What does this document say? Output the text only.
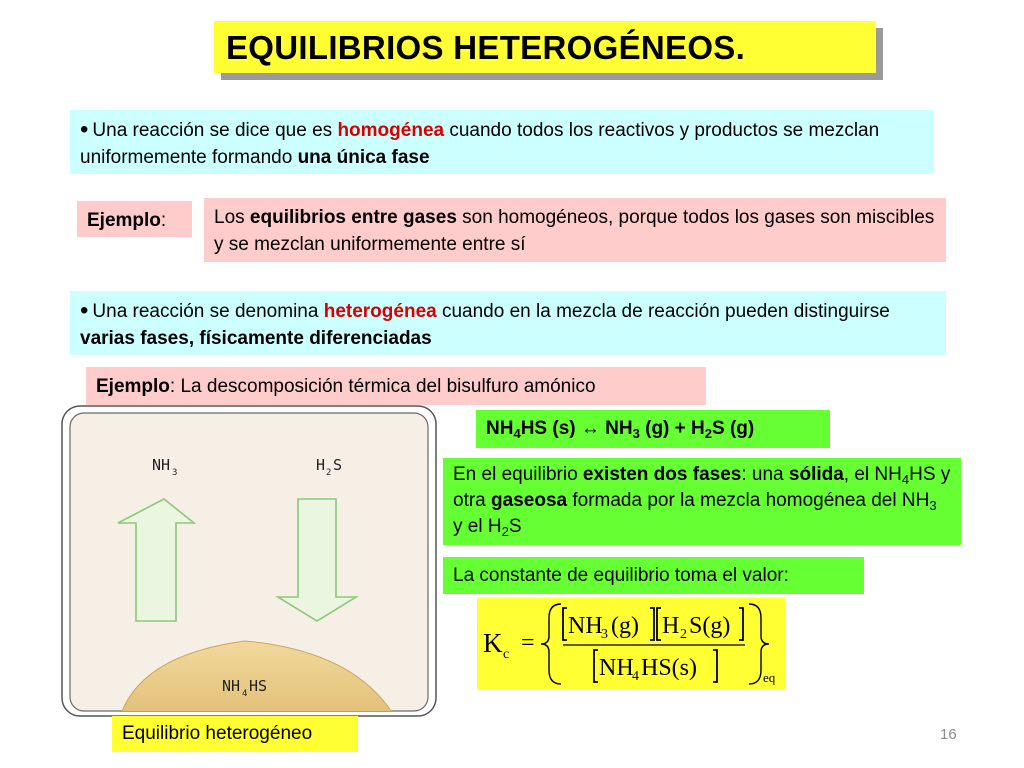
EQUILIBRIOS HETEROGÉNEOS.
• Una reacción se dice que es homogénea cuando todos los reactivos y productos se mezclan uniformemente formando una única fase
Ejemplo:	Los equilibrios entre gases son homogéneos, porque todos los gases son miscibles y se mezclan uniformemente entre sí
• Una reacción se denomina heterogénea cuando en la mezcla de reacción pueden distinguirse varias fases, físicamente diferenciadas
Ejemplo: La descomposición térmica del bisulfuro amónico
$NH_4HS$ (s) ↔ $NH_3$ $(g) + H_2S$ (g)
En el equilibrio existen dos fases: una sólida, el $NH_4HS$ y otra gaseosa formada por la mezcla homogénea del $NH_3$ y el $H_2S$
La constante de equilibrio toma el valor:
K c =
NH
3 (g) H 2 S(g)
NH
4 HS(s)	eq
NH 3	H 2 S
NH 4 HS
Equilibrio heterogéneo	16
